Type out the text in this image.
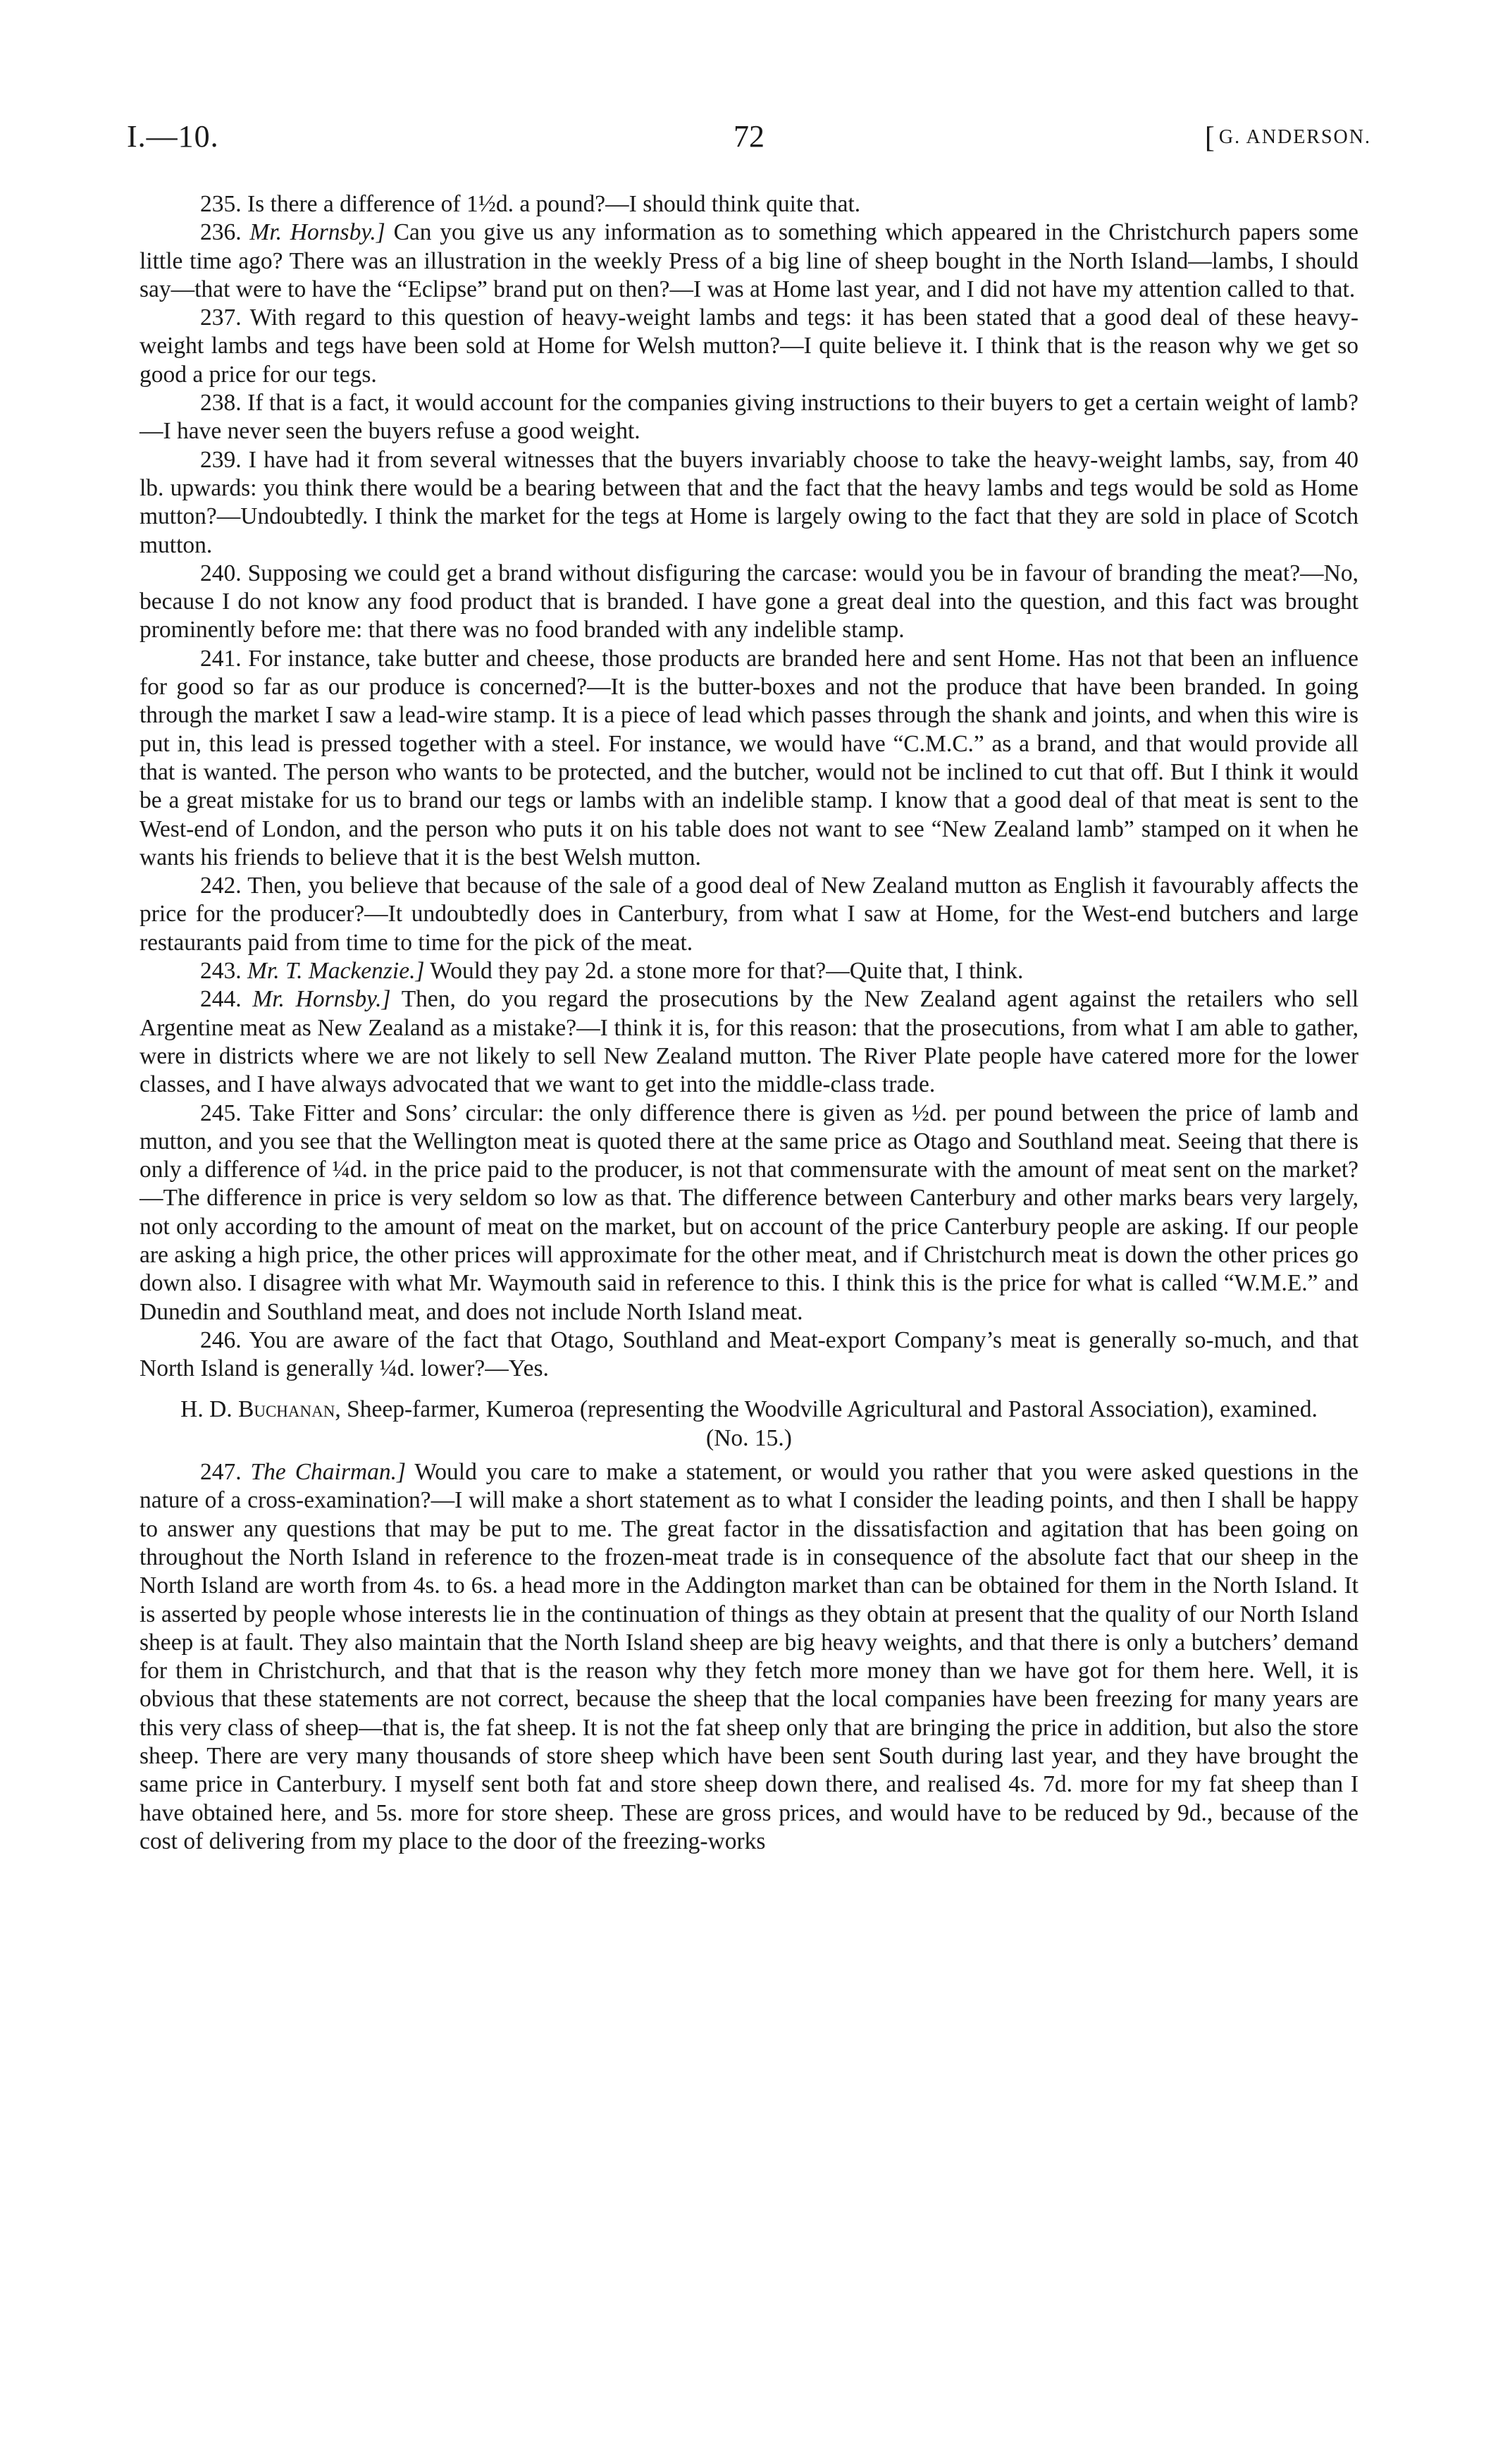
I.—10.	72	[ G. ANDERSON.

235. Is there a difference of 1½d. a pound?—I should think quite that.

236. Mr. Hornsby.] Can you give us any information as to something which appeared in the Christchurch papers some little time ago? There was an illustration in the weekly Press of a big line of sheep bought in the North Island—lambs, I should say—that were to have the “Eclipse” brand put on then?—I was at Home last year, and I did not have my attention called to that.

237. With regard to this question of heavy-weight lambs and tegs: it has been stated that a good deal of these heavy-weight lambs and tegs have been sold at Home for Welsh mutton?—I quite believe it. I think that is the reason why we get so good a price for our tegs.

238. If that is a fact, it would account for the companies giving instructions to their buyers to get a certain weight of lamb?—I have never seen the buyers refuse a good weight.

239. I have had it from several witnesses that the buyers invariably choose to take the heavy-weight lambs, say, from 40 lb. upwards: you think there would be a bearing between that and the fact that the heavy lambs and tegs would be sold as Home mutton?—Undoubtedly. I think the market for the tegs at Home is largely owing to the fact that they are sold in place of Scotch mutton.

240. Supposing we could get a brand without disfiguring the carcase: would you be in favour of branding the meat?—No, because I do not know any food product that is branded. I have gone a great deal into the question, and this fact was brought prominently before me: that there was no food branded with any indelible stamp.

241. For instance, take butter and cheese, those products are branded here and sent Home. Has not that been an influence for good so far as our produce is concerned?—It is the butter-boxes and not the produce that have been branded. In going through the market I saw a lead-wire stamp. It is a piece of lead which passes through the shank and joints, and when this wire is put in, this lead is pressed together with a steel. For instance, we would have “C.M.C.” as a brand, and that would provide all that is wanted. The person who wants to be protected, and the butcher, would not be inclined to cut that off. But I think it would be a great mistake for us to brand our tegs or lambs with an indelible stamp. I know that a good deal of that meat is sent to the West-end of London, and the person who puts it on his table does not want to see “New Zealand lamb” stamped on it when he wants his friends to believe that it is the best Welsh mutton.

242. Then, you believe that because of the sale of a good deal of New Zealand mutton as English it favourably affects the price for the producer?—It undoubtedly does in Canterbury, from what I saw at Home, for the West-end butchers and large restaurants paid from time to time for the pick of the meat.

243. Mr. T. Mackenzie.] Would they pay 2d. a stone more for that?—Quite that, I think.

244. Mr. Hornsby.] Then, do you regard the prosecutions by the New Zealand agent against the retailers who sell Argentine meat as New Zealand as a mistake?—I think it is, for this reason: that the prosecutions, from what I am able to gather, were in districts where we are not likely to sell New Zealand mutton. The River Plate people have catered more for the lower classes, and I have always advocated that we want to get into the middle-class trade.

245. Take Fitter and Sons’ circular: the only difference there is given as ½d. per pound between the price of lamb and mutton, and you see that the Wellington meat is quoted there at the same price as Otago and Southland meat. Seeing that there is only a difference of ¼d. in the price paid to the producer, is not that commensurate with the amount of meat sent on the market?—The difference in price is very seldom so low as that. The difference between Canterbury and other marks bears very largely, not only according to the amount of meat on the market, but on account of the price Canterbury people are asking. If our people are asking a high price, the other prices will approximate for the other meat, and if Christchurch meat is down the other prices go down also. I disagree with what Mr. Waymouth said in reference to this. I think this is the price for what is called “W.M.E.” and Dunedin and Southland meat, and does not include North Island meat.

246. You are aware of the fact that Otago, Southland and Meat-export Company’s meat is generally so-much, and that North Island is generally ¼d. lower?—Yes.

H. D. Buchanan, Sheep-farmer, Kumeroa (representing the Woodville Agricultural and Pastoral Association), examined. (No. 15.)

247. The Chairman.] Would you care to make a statement, or would you rather that you were asked questions in the nature of a cross-examination?—I will make a short statement as to what I consider the leading points, and then I shall be happy to answer any questions that may be put to me. The great factor in the dissatisfaction and agitation that has been going on throughout the North Island in reference to the frozen-meat trade is in consequence of the absolute fact that our sheep in the North Island are worth from 4s. to 6s. a head more in the Addington market than can be obtained for them in the North Island. It is asserted by people whose interests lie in the continuation of things as they obtain at present that the quality of our North Island sheep is at fault. They also maintain that the North Island sheep are big heavy weights, and that there is only a butchers’ demand for them in Christchurch, and that that is the reason why they fetch more money than we have got for them here. Well, it is obvious that these statements are not correct, because the sheep that the local companies have been freezing for many years are this very class of sheep—that is, the fat sheep. It is not the fat sheep only that are bringing the price in addition, but also the store sheep. There are very many thousands of store sheep which have been sent South during last year, and they have brought the same price in Canterbury. I myself sent both fat and store sheep down there, and realised 4s. 7d. more for my fat sheep than I have obtained here, and 5s. more for store sheep. These are gross prices, and would have to be reduced by 9d., because of the cost of delivering from my place to the door of the freezing-works
